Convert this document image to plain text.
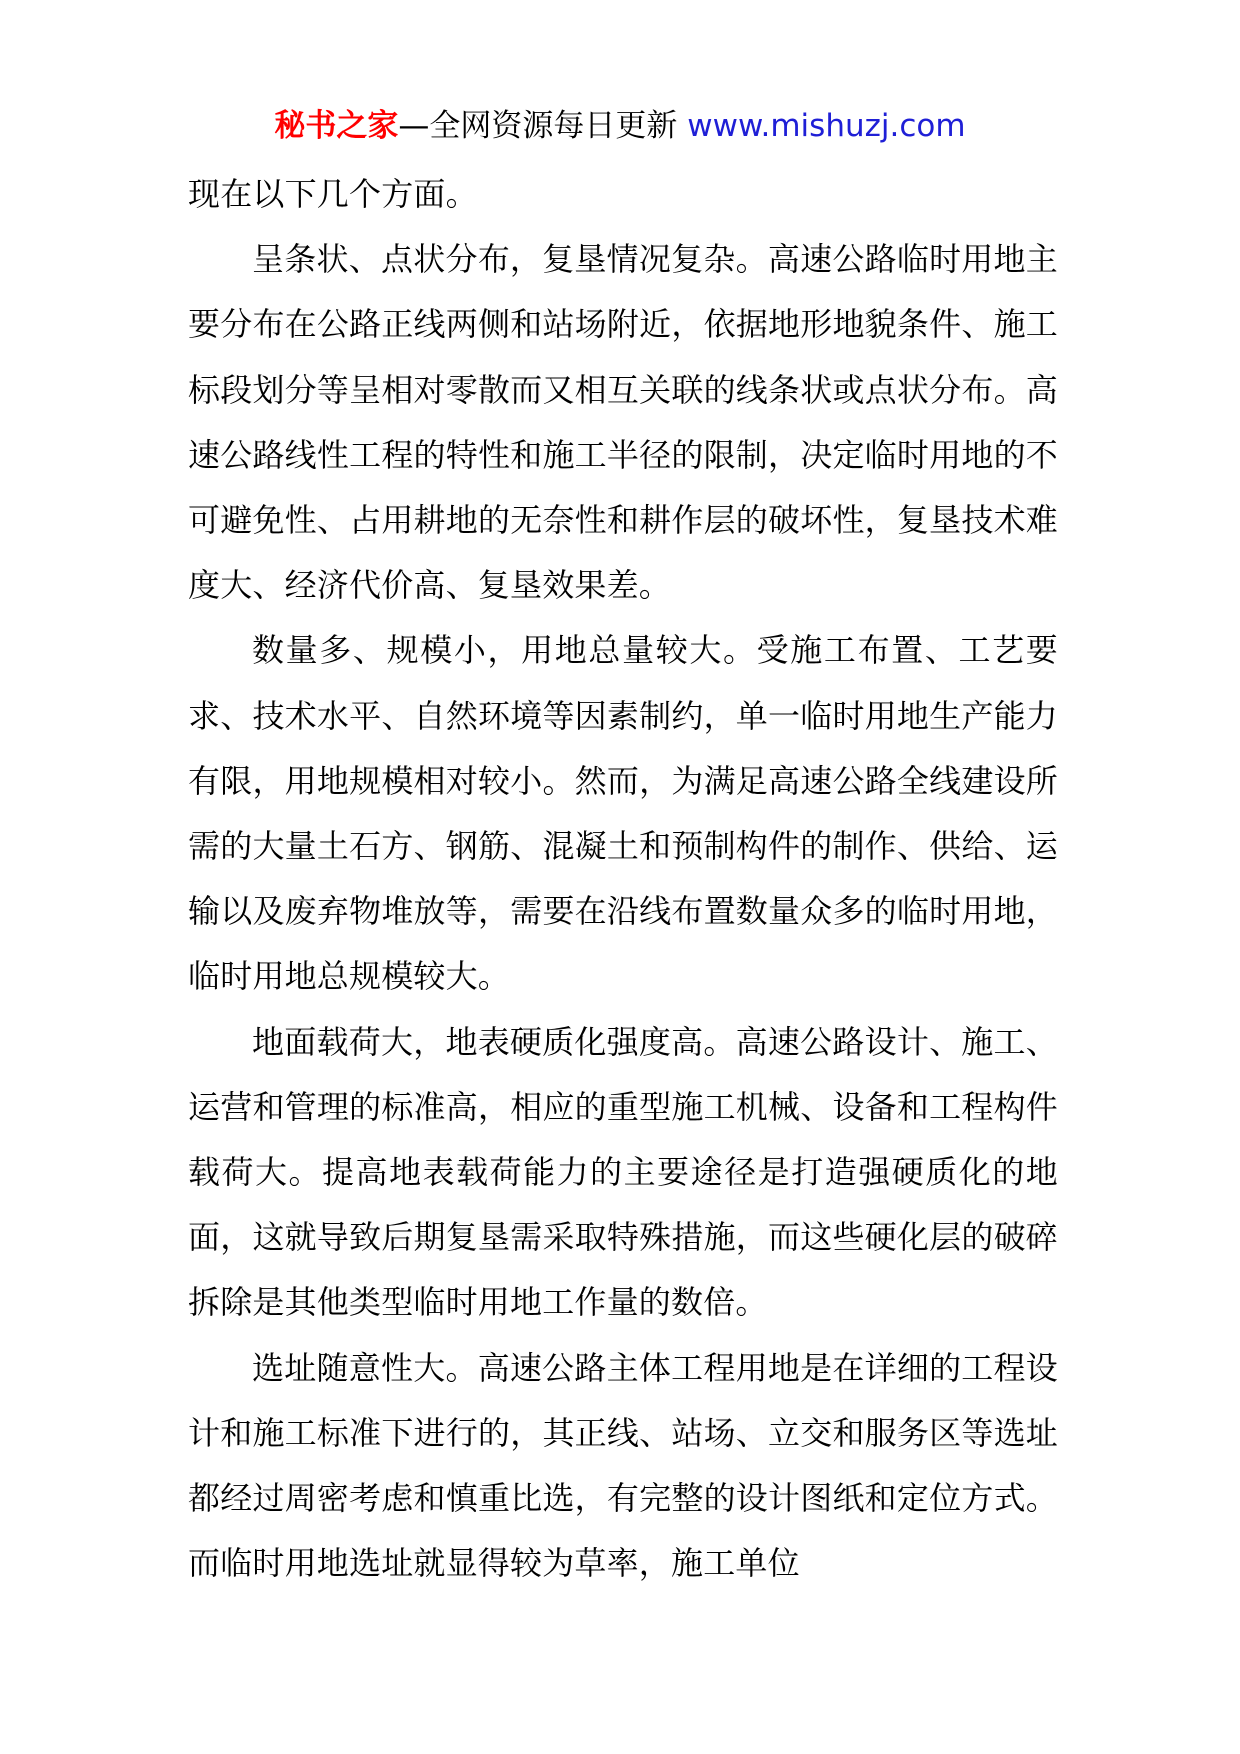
秘书之家—全网资源每日更新 www.mishuzj.com

现在以下几个方面。

呈条状、点状分布，复垦情况复杂。高速公路临时用地主要分布在公路正线两侧和站场附近，依据地形地貌条件、施工标段划分等呈相对零散而又相互关联的线条状或点状分布。高速公路线性工程的特性和施工半径的限制，决定临时用地的不可避免性、占用耕地的无奈性和耕作层的破坏性，复垦技术难度大、经济代价高、复垦效果差。

数量多、规模小，用地总量较大。受施工布置、工艺要求、技术水平、自然环境等因素制约，单一临时用地生产能力有限，用地规模相对较小。然而，为满足高速公路全线建设所需的大量土石方、钢筋、混凝土和预制构件的制作、供给、运输以及废弃物堆放等，需要在沿线布置数量众多的临时用地，临时用地总规模较大。

地面载荷大，地表硬质化强度高。高速公路设计、施工、运营和管理的标准高，相应的重型施工机械、设备和工程构件载荷大。提高地表载荷能力的主要途径是打造强硬质化的地面，这就导致后期复垦需采取特殊措施，而这些硬化层的破碎拆除是其他类型临时用地工作量的数倍。

选址随意性大。高速公路主体工程用地是在详细的工程设计和施工标准下进行的，其正线、站场、立交和服务区等选址都经过周密考虑和慎重比选，有完整的设计图纸和定位方式。而临时用地选址就显得较为草率，施工单位
